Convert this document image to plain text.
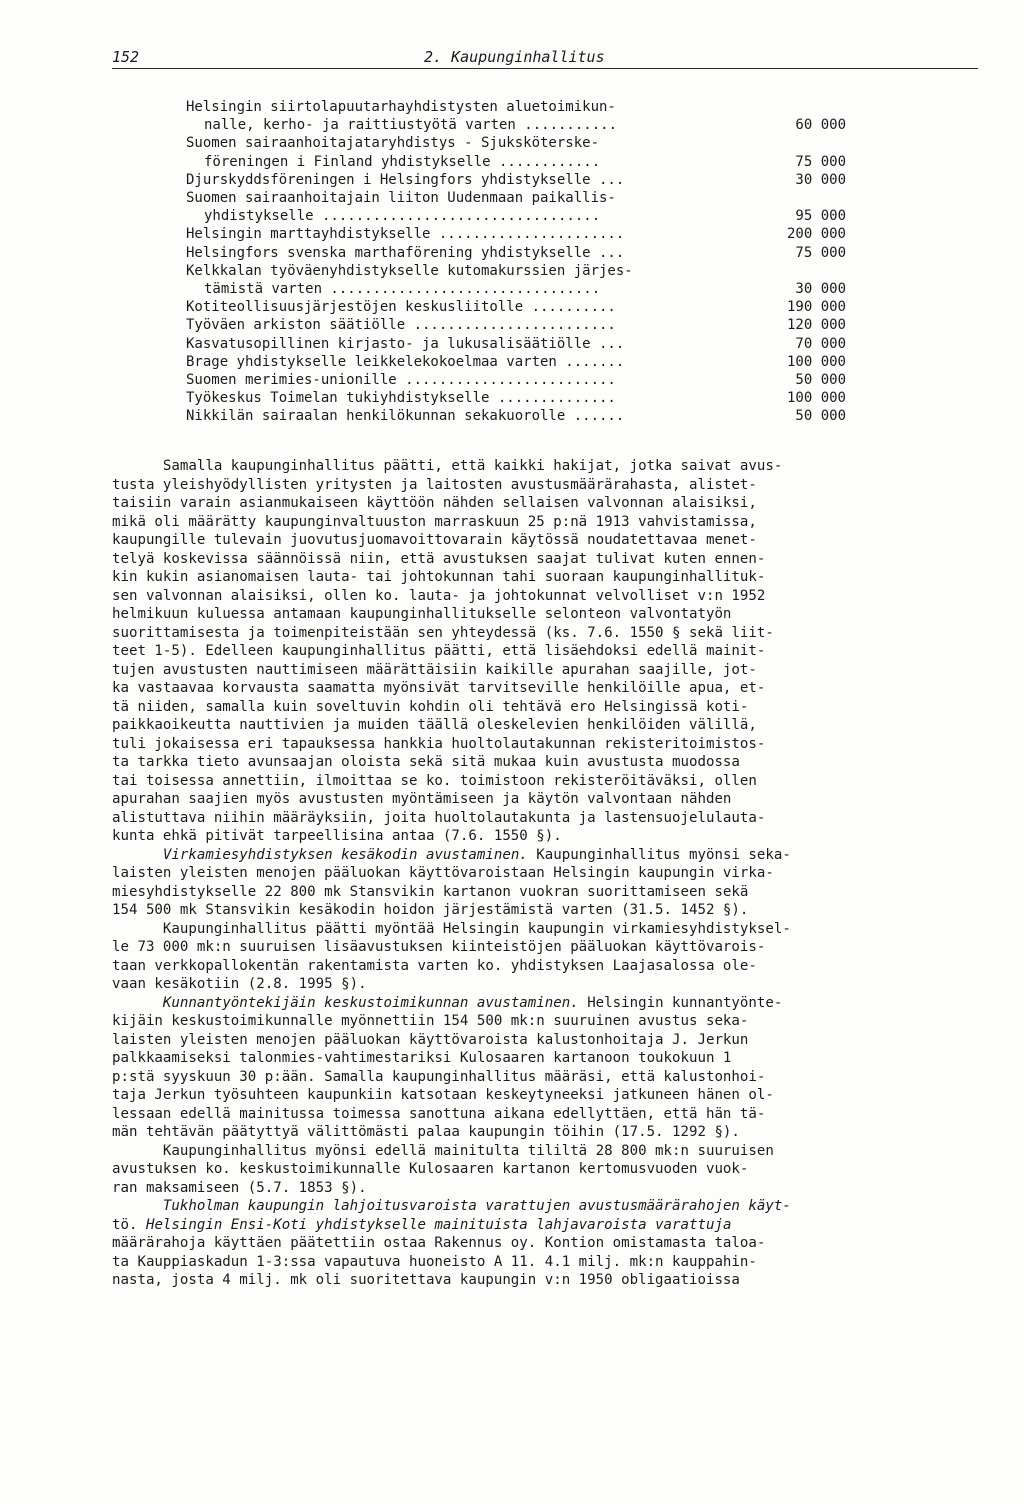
152	2. Kaupunginhallitus
Helsingin siirtolapuutarhayhdistysten aluetoimikun-
nalle, kerho- ja raittiustyötä varten ...........	60 000
Suomen sairaanhoitajataryhdistys - Sjuksköterske-
föreningen i Finland yhdistykselle ............	75 000
Djurskyddsföreningen i Helsingfors yhdistykselle ...	30 000
Suomen sairaanhoitajain liiton Uudenmaan paikallis-
yhdistykselle .................................	95 000
Helsingin marttayhdistykselle ......................	200 000
Helsingfors svenska marthaförening yhdistykselle ...	75 000
Kelkkalan työväenyhdistykselle kutomakurssien järjes-
tämistä varten ................................	30 000
Kotiteollisuusjärjestöjen keskusliitolle ..........	190 000
Työväen arkiston säätiölle ........................	120 000
Kasvatusopillinen kirjasto- ja lukusalisäätiölle ...	70 000
Brage yhdistykselle leikkelekokoelmaa varten .......	100 000
Suomen merimies-unionille .........................	50 000
Työkeskus Toimelan tukiyhdistykselle ..............	100 000
Nikkilän sairaalan henkilökunnan sekakuorolle ......	50 000
Samalla kaupunginhallitus päätti, että kaikki hakijat, jotka saivat avus-
tusta yleishyödyllisten yritysten ja laitosten avustusmäärärahasta, alistet-
taisiin varain asianmukaiseen käyttöön nähden sellaisen valvonnan alaisiksi,
mikä oli määrätty kaupunginvaltuuston marraskuun 25 p:nä 1913 vahvistamissa,
kaupungille tulevain juovutusjuomavoittovarain käytössä noudatettavaa menet-
telyä koskevissa säännöissä niin, että avustuksen saajat tulivat kuten ennen-
kin kukin asianomaisen lauta- tai johtokunnan tahi suoraan kaupunginhallituk-
sen valvonnan alaisiksi, ollen ko. lauta- ja johtokunnat velvolliset v:n 1952
helmikuun kuluessa antamaan kaupunginhallitukselle selonteon valvontatyön
suorittamisesta ja toimenpiteistään sen yhteydessä (ks. 7.6. 1550 § sekä liit-
teet 1-5). Edelleen kaupunginhallitus päätti, että lisäehdoksi edellä mainit-
tujen avustusten nauttimiseen määrättäisiin kaikille apurahan saajille, jot-
ka vastaavaa korvausta saamatta myönsivät tarvitseville henkilöille apua, et-
tä niiden, samalla kuin soveltuvin kohdin oli tehtävä ero Helsingissä koti-
paikkaoikeutta nauttivien ja muiden täällä oleskelevien henkilöiden välillä,
tuli jokaisessa eri tapauksessa hankkia huoltolautakunnan rekisteritoimistos-
ta tarkka tieto avunsaajan oloista sekä sitä mukaa kuin avustusta muodossa
tai toisessa annettiin, ilmoittaa se ko. toimistoon rekisteröitäväksi, ollen
apurahan saajien myös avustusten myöntämiseen ja käytön valvontaan nähden
alistuttava niihin määräyksiin, joita huoltolautakunta ja lastensuojelulauta-
kunta ehkä pitivät tarpeellisina antaa (7.6. 1550 §).
Virkamiesyhdistyksen kesäkodin avustaminen. Kaupunginhallitus myönsi seka-
laisten yleisten menojen pääluokan käyttövaroistaan Helsingin kaupungin virka-
miesyhdistykselle 22 800 mk Stansvikin kartanon vuokran suorittamiseen sekä
154 500 mk Stansvikin kesäkodin hoidon järjestämistä varten (31.5. 1452 §).
Kaupunginhallitus päätti myöntää Helsingin kaupungin virkamiesyhdistyksel-
le 73 000 mk:n suuruisen lisäavustuksen kiinteistöjen pääluokan käyttövarois-
taan verkkopallokentän rakentamista varten ko. yhdistyksen Laajasalossa ole-
vaan kesäkotiin (2.8. 1995 §).
Kunnantyöntekijäin keskustoimikunnan avustaminen. Helsingin kunnantyönte-
kijäin keskustoimikunnalle myönnettiin 154 500 mk:n suuruinen avustus seka-
laisten yleisten menojen pääluokan käyttövaroista kalustonhoitaja J. Jerkun
palkkaamiseksi talonmies-vahtimestariksi Kulosaaren kartanoon toukokuun 1
p:stä syyskuun 30 p:ään. Samalla kaupunginhallitus määräsi, että kalustonhoi-
taja Jerkun työsuhteen kaupunkiin katsotaan keskeytyneeksi jatkuneen hänen ol-
lessaan edellä mainitussa toimessa sanottuna aikana edellyttäen, että hän tä-
män tehtävän päätyttyä välittömästi palaa kaupungin töihin (17.5. 1292 §).
Kaupunginhallitus myönsi edellä mainitulta tililtä 28 800 mk:n suuruisen
avustuksen ko. keskustoimikunnalle Kulosaaren kartanon kertomusvuoden vuok-
ran maksamiseen (5.7. 1853 §).
Tukholman kaupungin lahjoitusvaroista varattujen avustusmäärärahojen käyt-
tö. Helsingin Ensi-Koti yhdistykselle mainituista lahjavaroista varattuja
määrärahoja käyttäen päätettiin ostaa Rakennus oy. Kontion omistamasta taloa-
ta Kauppiaskadun 1-3:ssa vapautuva huoneisto A 11. 4.1 milj. mk:n kauppahin-
nasta, josta 4 milj. mk oli suoritettava kaupungin v:n 1950 obligaatioissa
